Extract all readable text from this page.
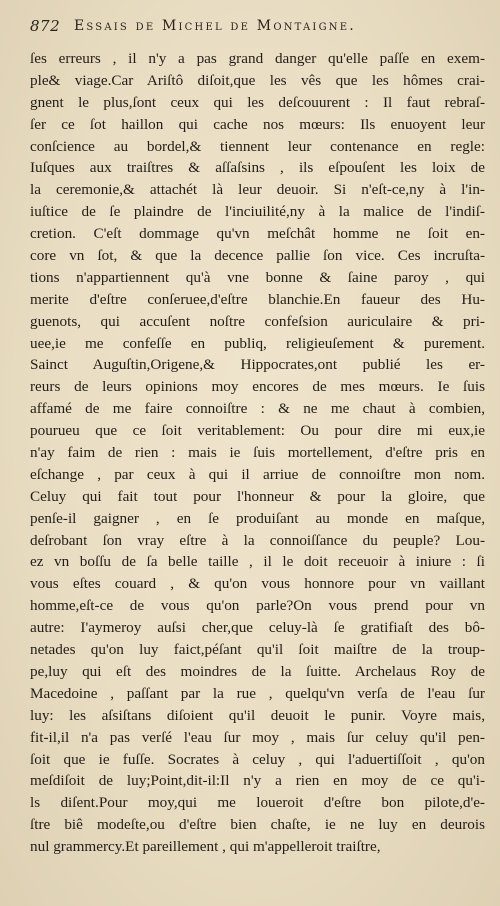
872 Essais de Michel de Montaigne.
ſes erreurs , il n'y a pas grand danger qu'elle paſſe en exem-
ple& viage.Car Ariſtô diſoit,que les vês que les hômes crai-
gnent le plus,ſont ceux qui les deſcouurent : Il faut rebraſ-
ſer ce ſot haillon qui cache nos mœurs: Ils enuoyent leur
conſcience au bordel,& tiennent leur contenance en regle:
Iuſques aux traiſtres & aſſaſsins , ils eſpouſent les loix de
la ceremonie,& attachét là leur deuoir. Si n'eſt-ce,ny à l'in-
iuſtice de ſe plaindre de l'inciuilité,ny à la malice de l'indiſ-
cretion. C'eſt dommage qu'vn meſchât homme ne ſoit en-
core vn ſot, & que la decence pallie ſon vice. Ces incruſta-
tions n'appartiennent qu'à vne bonne & ſaine paroy , qui
merite d'eſtre conſeruee,d'eſtre blanchie.En faueur des Hu-
guenots, qui accuſent noſtre confeſsion auriculaire & pri-
uee,ie me confeſſe en publiq, religieuſement & purement.
Sainct Auguſtin,Origene,& Hippocrates,ont publié les er-
reurs de leurs opinions moy encores de mes mœurs. Ie ſuis
affamé de me faire connoiſtre : & ne me chaut à combien,
pourueu que ce ſoit veritablement: Ou pour dire mi eux,ie
n'ay faim de rien : mais ie ſuis mortellement, d'eſtre pris en
eſchange , par ceux à qui il arriue de connoiſtre mon nom.
Celuy qui fait tout pour l'honneur & pour la gloire, que
penſe-il gaigner , en ſe produiſant au monde en maſque,
deſrobant ſon vray eſtre à la connoiſſance du peuple? Lou-
ez vn boſſu de ſa belle taille , il le doit receuoir à iniure : ſi
vous eſtes couard , & qu'on vous honnore pour vn vaillant
homme,eſt-ce de vous qu'on parle?On vous prend pour vn
autre: I'aymeroy auſsi cher,que celuy-là ſe gratifiaſt des bô-
netades qu'on luy faict,péſant qu'il ſoit maiſtre de la troup-
pe,luy qui eſt des moindres de la ſuitte. Archelaus Roy de
Macedoine , paſſant par la rue , quelqu'vn verſa de l'eau ſur
luy: les aſsiſtans diſoient qu'il deuoit le punir. Voyre mais,
fit-il,il n'a pas verſé l'eau ſur moy , mais ſur celuy qu'il pen-
ſoit que ie fuſſe. Socrates à celuy , qui l'aduertiſſoit , qu'on
meſdiſoit de luy;Point,dit-il:Il n'y a rien en moy de ce qu'i-
ls diſent.Pour moy,qui me loueroit d'eſtre bon pilote,d'e-
ſtre biê modeſte,ou d'eſtre bien chaſte, ie ne luy en deurois
nul grammercy.Et pareillement , qui m'appelleroit traiſtre,
